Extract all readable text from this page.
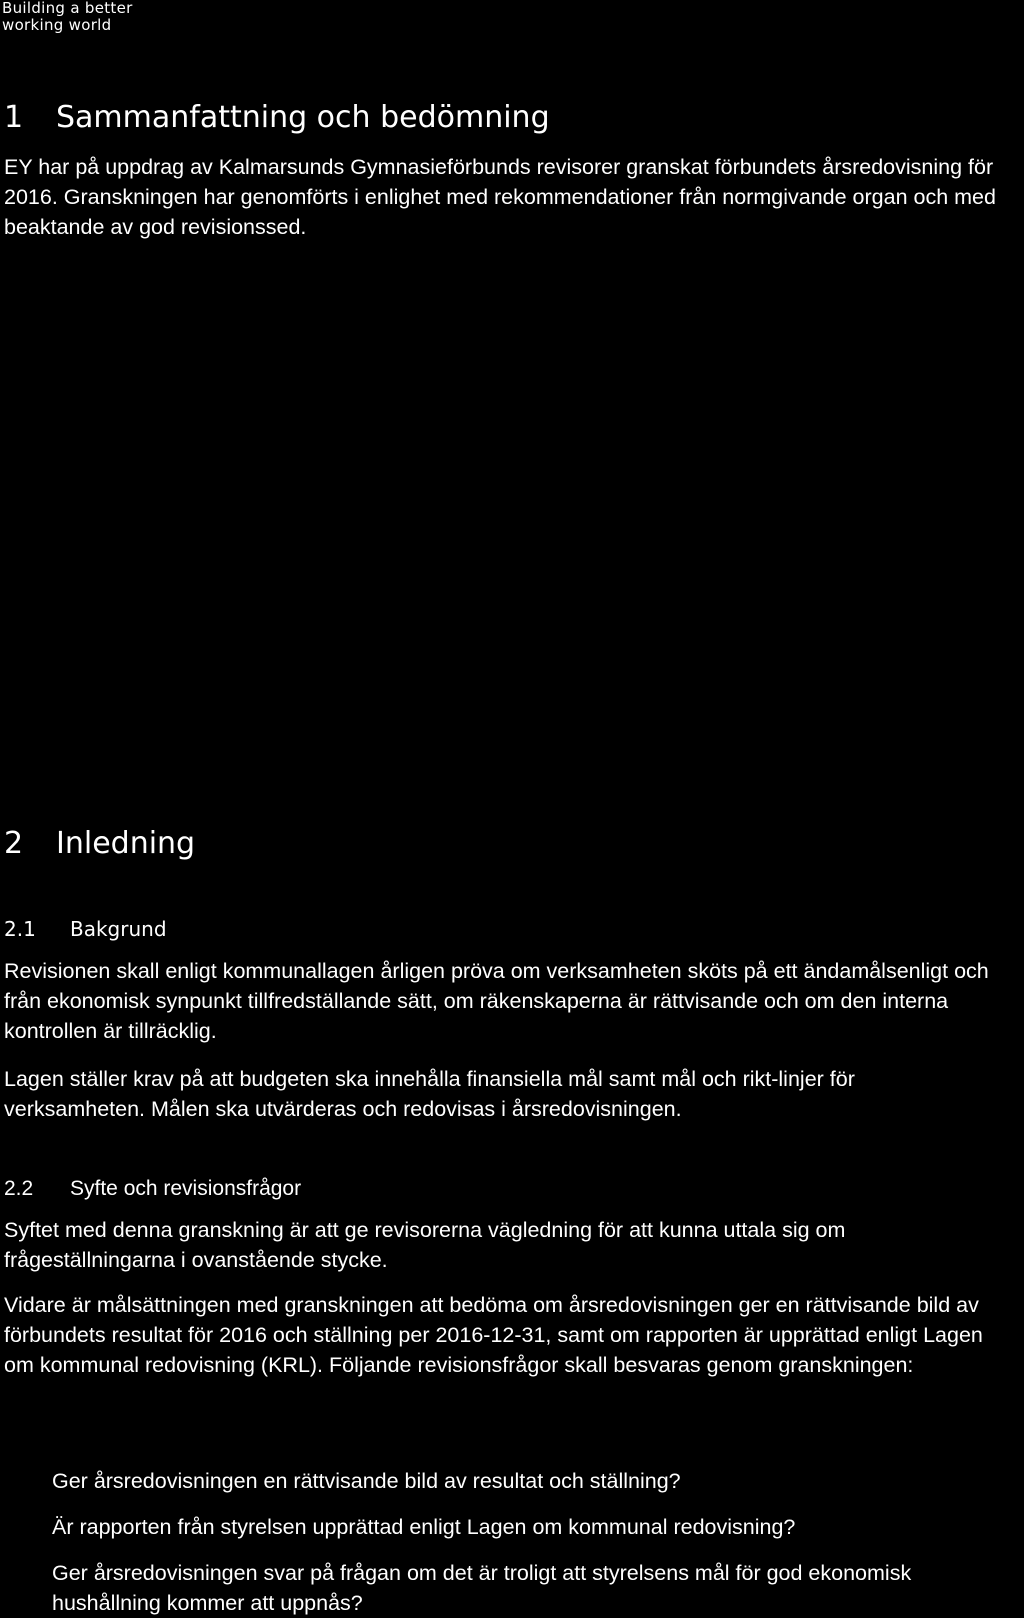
Building a better
working world
1 Sammanfattning och bedömning

EY har på uppdrag av Kalmarsunds Gymnasieförbunds revisorer granskat förbundets årsredovisning för 2016. Granskningen har genomförts i enlighet med rekommendationer från normgivande organ och med beaktande av god revisionssed.

2 Inledning
2.1 Bakgrund

Revisionen skall enligt kommunallagen årligen pröva om verksamheten sköts på ett ändamålsenligt och från ekonomisk synpunkt tillfredställande sätt, om räkenskaperna är rättvisande och om den interna kontrollen är tillräcklig.

Lagen ställer krav på att budgeten ska innehålla finansiella mål samt mål och rikt-linjer för verksamheten. Målen ska utvärderas och redovisas i årsredovisningen.

2.2 Syfte och revisionsfrågor

Syftet med denna granskning är att ge revisorerna vägledning för att kunna uttala sig om frågeställningarna i ovanstående stycke.

Vidare är målsättningen med granskningen att bedöma om årsredovisningen ger en rättvisande bild av förbundets resultat för 2016 och ställning per 2016-12-31, samt om rapporten är upprättad enligt Lagen om kommunal redovisning (KRL). Följande revisionsfrågor skall besvaras genom granskningen:

Ger årsredovisningen en rättvisande bild av resultat och ställning?
Är rapporten från styrelsen upprättad enligt Lagen om kommunal redovisning?
Ger årsredovisningen svar på frågan om det är troligt att styrelsens mål för god ekonomisk hushållning kommer att uppnås?
